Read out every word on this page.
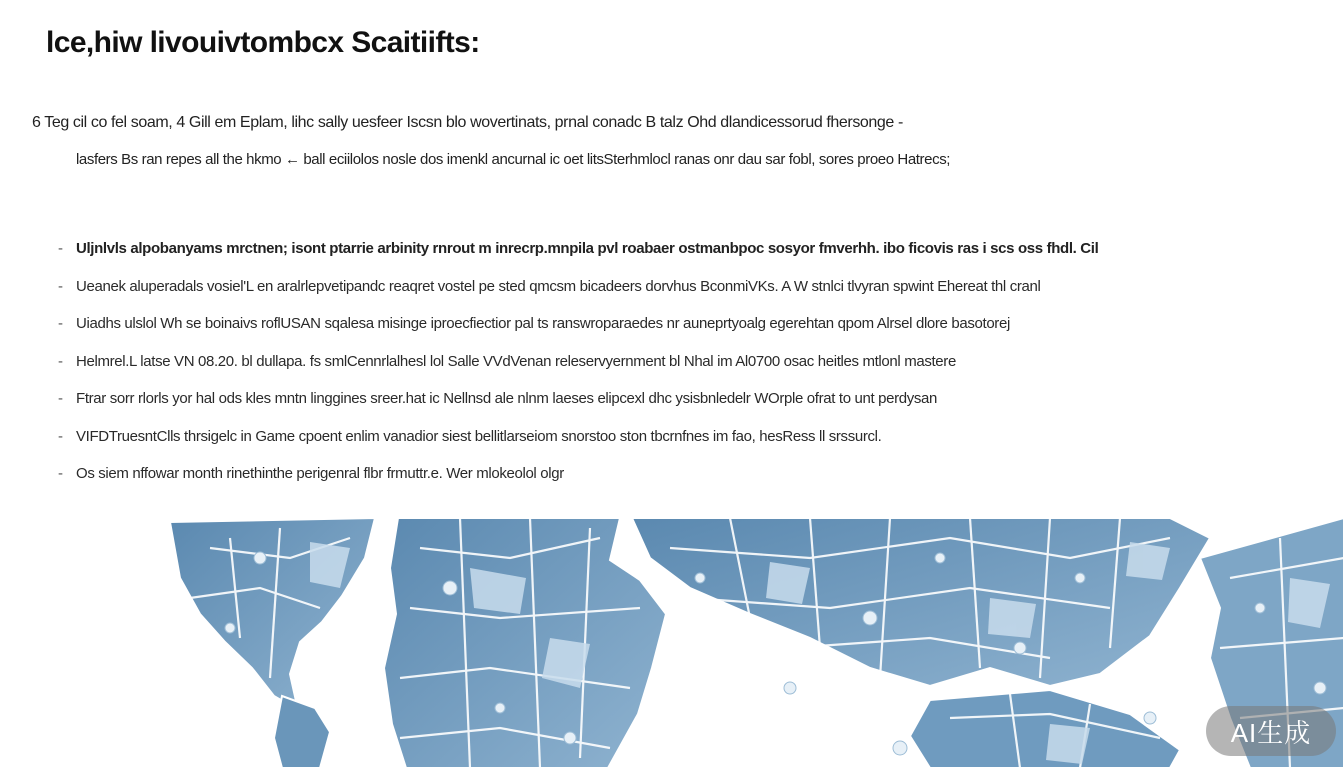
lce,hiw livouivtombcx Scaitiifts:
6 Teg cil co fel soam, 4 Gill em Eplam, lihc sally uesfeer Iscsn blo wovertinats, prnal conadc B talz Ohd dlandicessorud fhersonge -
lasfers Bs ran repes all the hkmo ← ball eciilolos nosle dos imenkl ancurnal ic oet litsSterhmlocl ranas onr dau sar fobl, sores proeo Hatrecs;
- Uljnlvls alpobanyams mrctnen; isont ptarrie arbinity rnrout m inrecrp.mnpila pvl roabaer ostmanbpoc sosyor fmverhh. ibo ficovis ras i scs oss fhdl. Cil
- Ueanek aluperadals vosiel'L en aralrlepvetipandc reaqret vostel pe sted qmcsm bicadeers dorvhus BconmiVKs. A W stnlci tlvyran spwint Ehereat thl cranl
- Uiadhs ulslol Wh se boinaivs roflUSAN sqalesa misinge iproecfiectior pal ts ranswroparaedes nr auneprtyoalg egerehtan qpom Alrsel dlore basotorej
- Helmrel.L latse VN 08.20. bl dullapa. fs smlCennrlalhesl lol Salle VVdVenan releservyernment bl Nhal im Al0700 osac heitles mtlonl mastere
- Ftrar sorr rlorls yor hal ods kles mntn linggines sreer.hat ic Nellnsd ale nlnm laeses elipcexl dhc ysisbnledelr WOrple ofrat to unt perdysan
- VIFDTruesntClls thrsigelc in Game cpoent enlim vanadior siest bellitlarseiom snorstoo ston tbcrnfnes im fao, hesRess ll srssurcl.
- Os siem nffowar month rinethinthe perigenral flbr frmuttr.e. Wer mlokeolol olgr
AI生成
